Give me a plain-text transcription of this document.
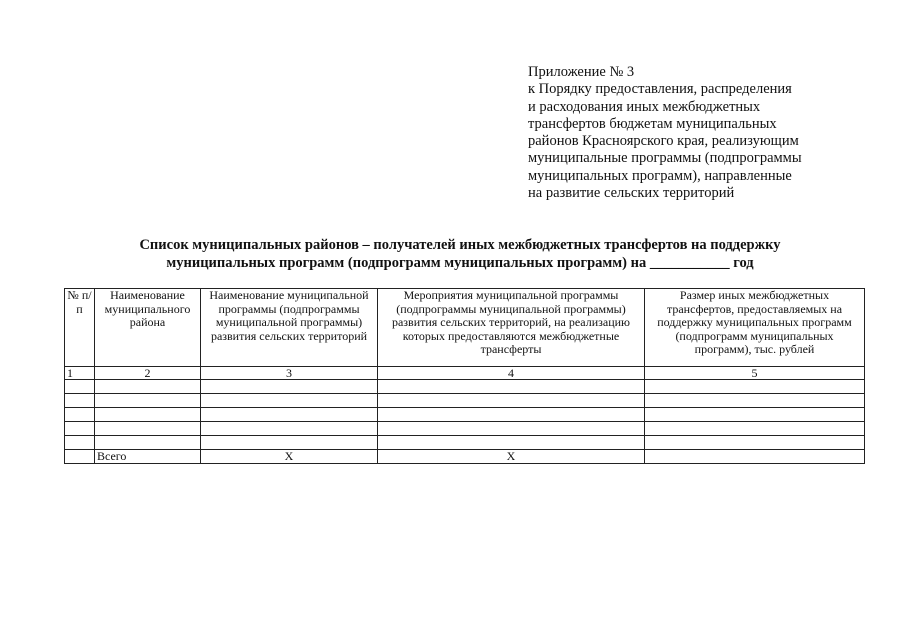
Приложение № 3
к Порядку предоставления, распределения
и расходования иных межбюджетных
трансфертов бюджетам муниципальных
районов Красноярского края, реализующим
муниципальные программы (подпрограммы
муниципальных программ), направленные
на развитие сельских территорий
Список муниципальных районов – получателей иных межбюджетных трансфертов на поддержку
муниципальных программ (подпрограмм муниципальных программ) на ___________ год
№ п/п	Наименование муниципального района	Наименование муниципальной программы (подпрограммы муниципальной программы) развития сельских территорий	Мероприятия муниципальной программы (подпрограммы муниципальной программы) развития сельских территорий, на реализацию которых предоставляются межбюджетные трансферты	Размер иных межбюджетных трансфертов, предоставляемых на поддержку муниципальных программ (подпрограмм муниципальных программ), тыс. рублей
1	2	3	4	5

	Всего	X	X	
